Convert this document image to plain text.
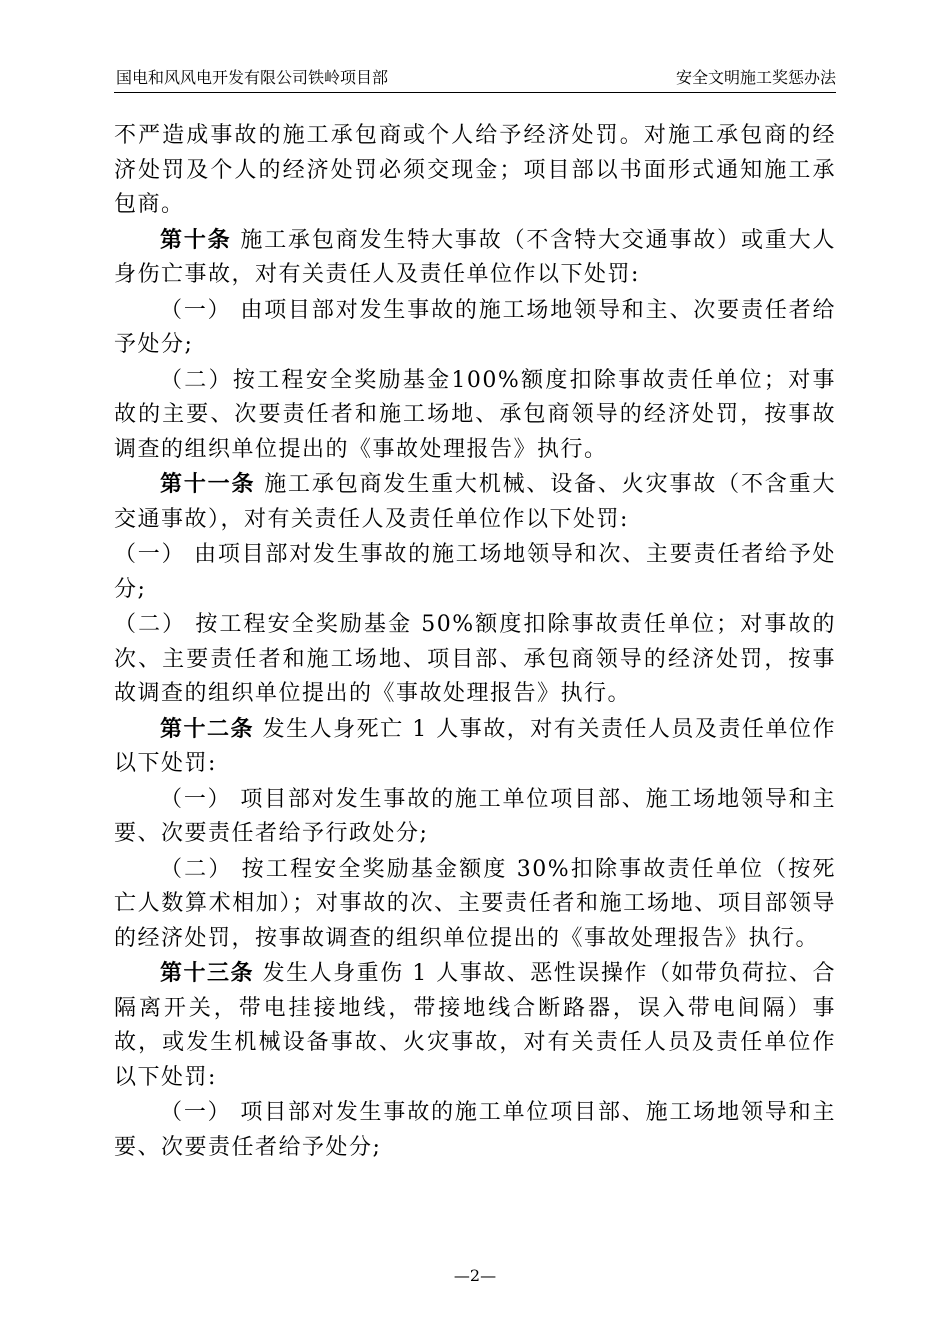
国电和风风电开发有限公司铁岭项目部	安全文明施工奖惩办法

不严造成事故的施工承包商或个人给予经济处罚。对施工承包商的经济处罚及个人的经济处罚必须交现金；项目部以书面形式通知施工承包商。

第十条 施工承包商发生特大事故（不含特大交通事故）或重大人身伤亡事故，对有关责任人及责任单位作以下处罚:

（一） 由项目部对发生事故的施工场地领导和主、次要责任者给予处分;

（二）按工程安全奖励基金100%额度扣除事故责任单位；对事故的主要、次要责任者和施工场地、承包商领导的经济处罚，按事故调查的组织单位提出的《事故处理报告》执行。

第十一条 施工承包商发生重大机械、设备、火灾事故（不含重大交通事故），对有关责任人及责任单位作以下处罚:

（一） 由项目部对发生事故的施工场地领导和次、主要责任者给予处分;

（二） 按工程安全奖励基金 50%额度扣除事故责任单位；对事故的次、主要责任者和施工场地、项目部、承包商领导的经济处罚，按事故调查的组织单位提出的《事故处理报告》执行。

第十二条 发生人身死亡 1 人事故，对有关责任人员及责任单位作以下处罚:

（一） 项目部对发生事故的施工单位项目部、施工场地领导和主要、次要责任者给予行政处分;

（二） 按工程安全奖励基金额度 30%扣除事故责任单位（按死亡人数算术相加）；对事故的次、主要责任者和施工场地、项目部领导的经济处罚，按事故调查的组织单位提出的《事故处理报告》执行。

第十三条 发生人身重伤 1 人事故、恶性误操作（如带负荷拉、合隔离开关，带电挂接地线，带接地线合断路器，误入带电间隔）事故，或发生机械设备事故、火灾事故，对有关责任人员及责任单位作以下处罚:

（一） 项目部对发生事故的施工单位项目部、施工场地领导和主要、次要责任者给予处分;

—2—
